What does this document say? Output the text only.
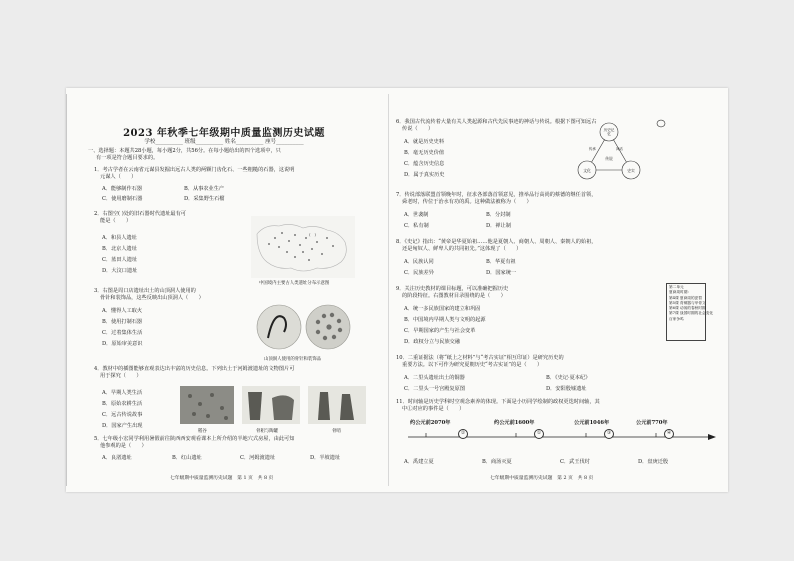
2023 年秋季七年级期中质量监测历史试题
学校__________ 班级__________ 姓名__________ 座号__________
一、选择题：本题共28小题，每小题2分，共56分。在每小题给出的四个选项中，只
有一项是符合题目要求的。
1．考古学者在云南省元谋县发掘出远古人类的两颗门齿化石、一些粗糙的石器，这说明
元谋人（　　）
A．能够制作石器	B．从事农业生产
C．使用磨制石器	D．采集野生石榴
2．右图空( )处的旧石器时代遗址最有可
能是（　　）
A．和县人遗址
B．北京人遗址
C．蓝田人遗址
D．大汶口遗址
(　)
中国境内主要古人类遗址分布示意图
3．右图是周口店遗址出土的山顶洞人使用的
骨针和装饰品，这些反映出山顶洞人（　　）
A．懂得人工取火
B．使用打制石器
C．过着集体生活
D．原始审美意识
山顶洞人使用的骨针和装饰品
4．教材中的插图能够直观表达出丰富的历史信息。下列出土于河姆渡遗址的文物图片可
用于探究（　　）
A．早期人类生活
B．原始农耕生活
C．远古传说故事
D．国家产生出现
稻谷	骨耜与陶罐	骨哨
5．七年级小宏同学利用暑假前往陕西西安观看课本上所介绍的半地穴式房屋，由此可知
他参观的是（　　）
A．良渚遗址	B．红山遗址	C．河姆渡遗址	D．半坡遗址
七年级期中质量监测历史试题　第 1 页　共 8 页
6．我国古代流传着大量有关人类起源和古代先民事迹的神话与传说。根据下图可知远古
传说（　　）
A．就是历史史料
B．毫无历史价值
C．蕴含历史信息
D．属于真实历史
历史记忆
文化	史实
传说
神话
传承
7．传说部落联盟首领晚年时，征求各部落首领意见，推举品行高尚的蔡德的继任首领，
舜老时，传位于治水有功的禹。这种做法被称为（　　）
A．世袭制	B．分封制
C．私有制	D．禅让制
8．《史记》指出：“黄帝是华夏始祖……他是夏朝人、商朝人、周朝人、秦朝人的始祖，
还是匈奴人、鲜卑人的共同祖先。”这体现了（　　）
A．民族认同	B．华夏有祖
C．民族差异	D．国家统一
9．关注历史教材的课目标题，可以准确把握历史
的阶段特征。右图教材目录围绕的是（　　）
A．统一多民族国家的建立和巩固
B．中国境内早期人类与文明的起源
C．早期国家的产生与社会变革
D．政权分立与民族交融
10．二重证据法（将“纸上之材料”与“考古实证”相互印证）是研究历史的
重要方法。以下可作为研究夏朝历史“考古实证”的是（　　）
A．二里头遗址出土的铜器	B．《史记·夏本纪》
C．二里头一号宫殿复原图	D．安阳殷墟遗址
11．时间轴是历史学科时空观念素养的体现。下面是小历同学绘制的政权更迭时间轴，其
中①对应的事件是（　　）
约公元前2070年	约公元前1600年	公元前1046年	公元前770年
②	①	③	④
A．禹建立夏	B．商汤灭夏	C．武王伐纣	D．盘庚迁殷
七年级期中质量监测历史试题　第 2 页　共 8 页
第二单元
夏商周时期：
第4课 夏商周的更替
第5课 青铜器与甲骨文
第6课 动荡的春秋时期
第7课 战国时期的社会变化
百家争鸣
